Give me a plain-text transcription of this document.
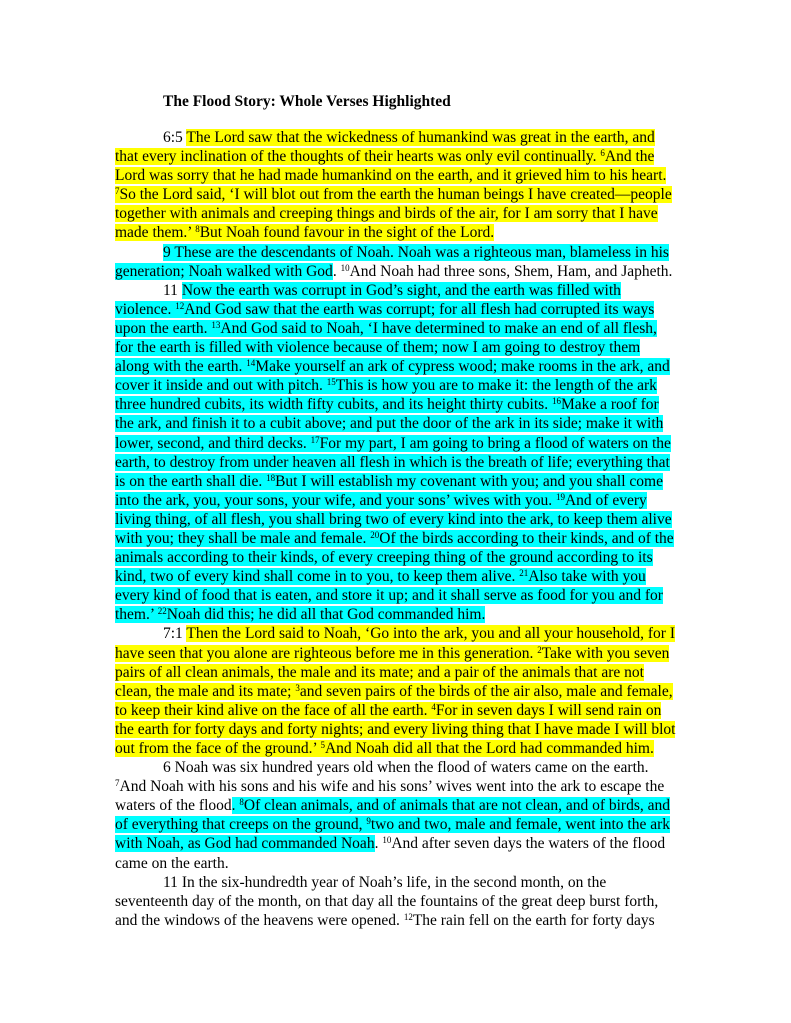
The Flood Story: Whole Verses Highlighted

6:5 The Lord saw that the wickedness of humankind was great in the earth, and that every inclination of the thoughts of their hearts was only evil continually. $^6$And the Lord was sorry that he had made humankind on the earth, and it grieved him to his heart. $^7$So the Lord said, ‘I will blot out from the earth the human beings I have created—people together with animals and creeping things and birds of the air, for I am sorry that I have made them.’ $^8$But Noah found favour in the sight of the Lord.

9 These are the descendants of Noah. Noah was a righteous man, blameless in his generation; Noah walked with God. $^{10}$And Noah had three sons, Shem, Ham, and Japheth.

11 Now the earth was corrupt in God’s sight, and the earth was filled with violence. $^{12}$And God saw that the earth was corrupt; for all flesh had corrupted its ways upon the earth. $^{13}$And God said to Noah, ‘I have determined to make an end of all flesh, for the earth is filled with violence because of them; now I am going to destroy them along with the earth. $^{14}$Make yourself an ark of cypress wood; make rooms in the ark, and cover it inside and out with pitch. $^{15}$This is how you are to make it: the length of the ark three hundred cubits, its width fifty cubits, and its height thirty cubits. $^{16}$Make a roof for the ark, and finish it to a cubit above; and put the door of the ark in its side; make it with lower, second, and third decks. $^{17}$For my part, I am going to bring a flood of waters on the earth, to destroy from under heaven all flesh in which is the breath of life; everything that is on the earth shall die. $^{18}$But I will establish my covenant with you; and you shall come into the ark, you, your sons, your wife, and your sons’ wives with you. $^{19}$And of every living thing, of all flesh, you shall bring two of every kind into the ark, to keep them alive with you; they shall be male and female. $^{20}$Of the birds according to their kinds, and of the animals according to their kinds, of every creeping thing of the ground according to its kind, two of every kind shall come in to you, to keep them alive. $^{21}$Also take with you every kind of food that is eaten, and store it up; and it shall serve as food for you and for them.’ $^{22}$Noah did this; he did all that God commanded him.

7:1 Then the Lord said to Noah, ‘Go into the ark, you and all your household, for I have seen that you alone are righteous before me in this generation. $^2$Take with you seven pairs of all clean animals, the male and its mate; and a pair of the animals that are not clean, the male and its mate; $^3$and seven pairs of the birds of the air also, male and female, to keep their kind alive on the face of all the earth. $^4$For in seven days I will send rain on the earth for forty days and forty nights; and every living thing that I have made I will blot out from the face of the ground.’ $^5$And Noah did all that the Lord had commanded him.

6 Noah was six hundred years old when the flood of waters came on the earth. $^7$And Noah with his sons and his wife and his sons’ wives went into the ark to escape the waters of the flood. $^8$Of clean animals, and of animals that are not clean, and of birds, and of everything that creeps on the ground, $^9$two and two, male and female, went into the ark with Noah, as God had commanded Noah. $^{10}$And after seven days the waters of the flood came on the earth.

11 In the six-hundredth year of Noah’s life, in the second month, on the seventeenth day of the month, on that day all the fountains of the great deep burst forth, and the windows of the heavens were opened. $^{12}$The rain fell on the earth for forty days
